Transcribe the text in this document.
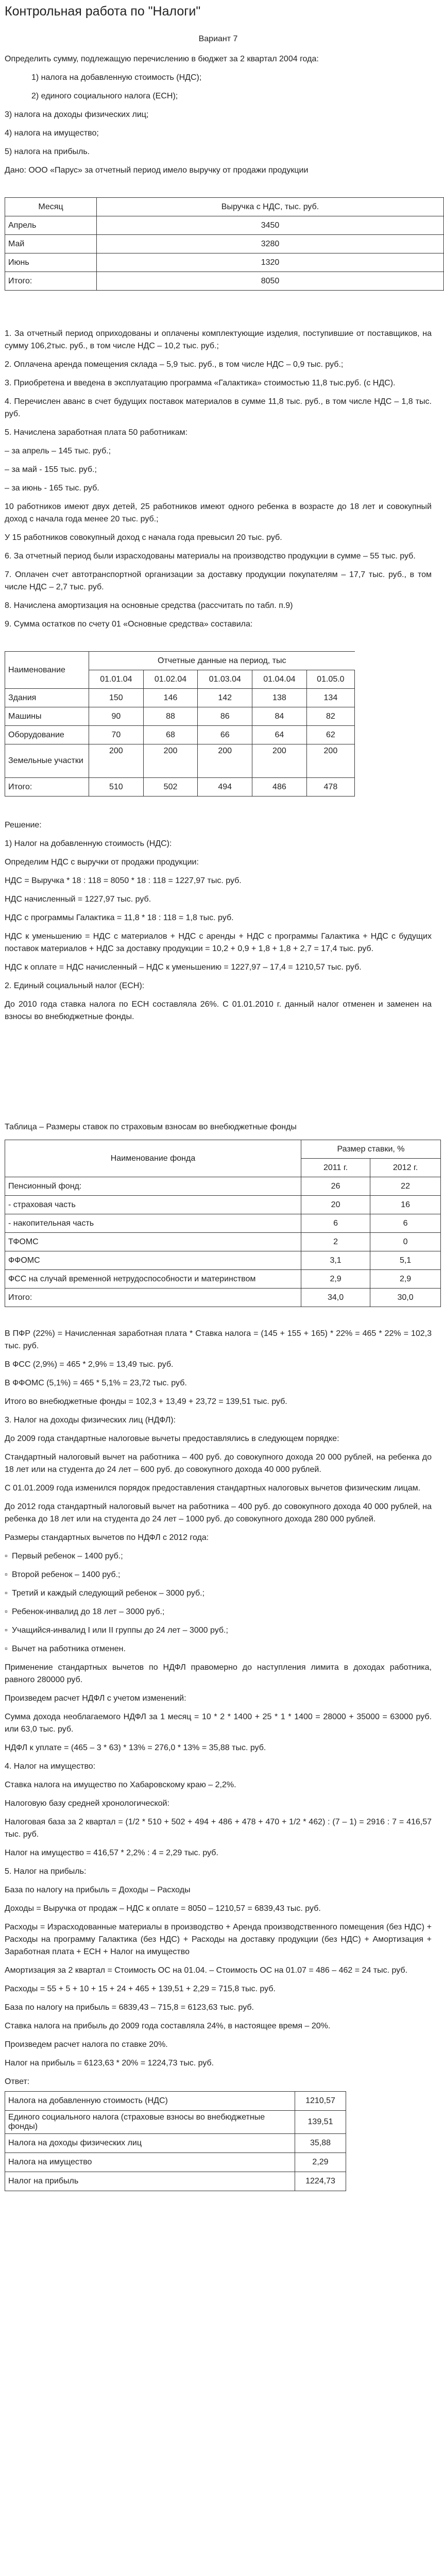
Контрольная работа по "Налоги"
Вариант 7

Определить сумму, подлежащую перечислению в бюджет за 2 квартал 2004 года:

1) налога на добавленную стоимость (НДС);

2) единого социального налога (ЕСН);

3) налога на доходы физических лиц;

4) налога на имущество;

5) налога на прибыль.

Дано: ООО «Парус» за отчетный период имело выручку от продажи продукции

Месяц	Выручка с НДС, тыс. руб.
Апрель	3450
Май	3280
Июнь	1320
Итого:	8050

1. За отчетный период оприходованы и оплачены комплектующие изделия, поступившие от поставщиков, на сумму 106,2тыс. руб., в том числе НДС – 10,2 тыс. руб.;

2. Оплачена аренда помещения склада – 5,9 тыс. руб., в том числе НДС – 0,9 тыс. руб.;

3. Приобретена и введена в эксплуатацию программа «Галактика» стоимостью 11,8 тыс.руб. (с НДС).

4. Перечислен аванс в счет будущих поставок материалов в сумме 11,8 тыс. руб., в том числе НДС – 1,8 тыс. руб.

5. Начислена заработная плата 50 работникам:

– за апрель – 145 тыс. руб.;

– за май - 155 тыс. руб.;

– за июнь - 165 тыс. руб.

10 работников имеют двух детей, 25 работников имеют одного ребенка в возрасте до 18 лет и совокупный доход с начала года менее 20 тыс. руб.;

У 15 работников совокупный доход с начала года превысил 20 тыс. руб.

6. За отчетный период были израсходованы материалы на производство продукции в сумме – 55 тыс. руб.

7. Оплачен счет автотранспортной организации за доставку продукции покупателям – 17,7 тыс. руб., в том числе НДС – 2,7 тыс. руб.

8. Начислена амортизация на основные средства (рассчитать по табл. п.9)

9. Сумма остатков по счету 01 «Основные средства» составила:

Наименование	Отчетные данные на период, тыс				
	01.01.04	01.02.04	01.03.04	01.04.04	01.05.0
Здания	150	146	142	138	134
Машины	90	88	86	84	82
Оборудование	70	68	66	64	62
Земельные участки	200	200	200	200	200
Итого:	510	502	494	486	478

Решение:

1) Налог на добавленную стоимость (НДС):

Определим НДС с выручки от продажи продукции:

НДС = Выручка * 18 : 118 = 8050 * 18 : 118 = 1227,97 тыс. руб.

НДС начисленный = 1227,97 тыс. руб.

НДС с программы Галактика = 11,8 * 18 : 118 = 1,8 тыс. руб.

НДС к уменьшению = НДС с материалов + НДС с аренды + НДС с программы Галактика + НДС с будущих поставок материалов + НДС за доставку продукции = 10,2 + 0,9 + 1,8 + 1,8 + 2,7 = 17,4 тыс. руб.

НДС к оплате = НДС начисленный – НДС к уменьшению = 1227,97 – 17,4 = 1210,57 тыс. руб.

2. Единый социальный налог (ЕСН):

До 2010 года ставка налога по ЕСН составляла 26%. С 01.01.2010 г. данный налог отменен и заменен на взносы во внебюджетные фонды.

Таблица – Размеры ставок по страховым взносам во внебюджетные фонды

Наименование фонда	Размер ставки, %	
	2011 г.	2012 г.
Пенсионный фонд:	26	22
- страховая часть	20	16
- накопительная часть	6	6
ТФОМС	2	0
ФФОМС	3,1	5,1
ФСС на случай временной нетрудоспособности и материнством	2,9	2,9
Итого:	34,0	30,0

В ПФР (22%) = Начисленная заработная плата * Ставка налога = (145 + 155 + 165) * 22% = 465 * 22% = 102,3 тыс. руб.

В ФСС (2,9%) = 465 * 2,9% = 13,49 тыс. руб.

В ФФОМС (5,1%) = 465 * 5,1% = 23,72 тыс. руб.

Итого во внебюджетные фонды = 102,3 + 13,49 + 23,72 = 139,51 тыс. руб.

3. Налог на доходы физических лиц (НДФЛ):

До 2009 года стандартные налоговые вычеты предоставлялись в следующем порядке:

Стандартный налоговый вычет на работника – 400 руб. до совокупного дохода 20 000 рублей, на ребенка до 18 лет или на студента до 24 лет – 600 руб. до совокупного дохода 40 000 рублей.

С 01.01.2009 года изменился порядок предоставления стандартных налоговых вычетов физическим лицам.

До 2012 года стандартный налоговый вычет на работника – 400 руб. до совокупного дохода 40 000 рублей, на ребенка до 18 лет или на студента до 24 лет – 1000 руб. до совокупного дохода 280 000 рублей.

Размеры стандартных вычетов по НДФЛ с 2012 года:

▫ Первый ребенок – 1400 руб.;

▫ Второй ребенок – 1400 руб.;

▫ Третий и каждый следующий ребенок – 3000 руб.;

▫ Ребенок-инвалид до 18 лет – 3000 руб.;

▫ Учащийся-инвалид I или II группы до 24 лет – 3000 руб.;

▫ Вычет на работника отменен.

Применение стандартных вычетов по НДФЛ правомерно до наступления лимита в доходах работника, равного 280000 руб.

Произведем расчет НДФЛ с учетом изменений:

Сумма дохода необлагаемого НДФЛ за 1 месяц = 10 * 2 * 1400 + 25 * 1 * 1400 = 28000 + 35000 = 63000 руб. или 63,0 тыс. руб.

НДФЛ к уплате = (465 – 3 * 63) * 13% = 276,0 * 13% = 35,88 тыс. руб.

4. Налог на имущество:

Ставка налога на имущество по Хабаровскому краю – 2,2%.

Налоговую базу средней хронологической:

Налоговая база за 2 квартал = (1/2 * 510 + 502 + 494 + 486 + 478 + 470 + 1/2 * 462) : (7 – 1) = 2916 : 7 = 416,57 тыс. руб.

Налог на имущество = 416,57 * 2,2% : 4 = 2,29 тыс. руб.

5. Налог на прибыль:

База по налогу на прибыль = Доходы – Расходы

Доходы = Выручка от продаж – НДС к оплате = 8050 – 1210,57 = 6839,43 тыс. руб.

Расходы = Израсходованные материалы в производство + Аренда производственного помещения (без НДС) + Расходы на программу Галактика (без НДС) + Расходы на доставку продукции (без НДС) + Амортизация + Заработная плата + ЕСН + Налог на имущество

Амортизация за 2 квартал = Стоимость ОС на 01.04. – Стоимость ОС на 01.07 = 486 – 462 = 24 тыс. руб.

Расходы = 55 + 5 + 10 + 15 + 24 + 465 + 139,51 + 2,29 = 715,8 тыс. руб.

База по налогу на прибыль = 6839,43 – 715,8 = 6123,63 тыс. руб.

Ставка налога на прибыль до 2009 года составляла 24%, в настоящее время – 20%.

Произведем расчет налога по ставке 20%.

Налог на прибыль = 6123,63 * 20% = 1224,73 тыс. руб.

Ответ:

Налога на добавленную стоимость (НДС)	1210,57
Единого социального налога (страховые взносы во внебюджетные фонды)	139,51
Налога на доходы физических лиц	35,88
Налога на имущество	2,29
Налог на прибыль	1224,73
